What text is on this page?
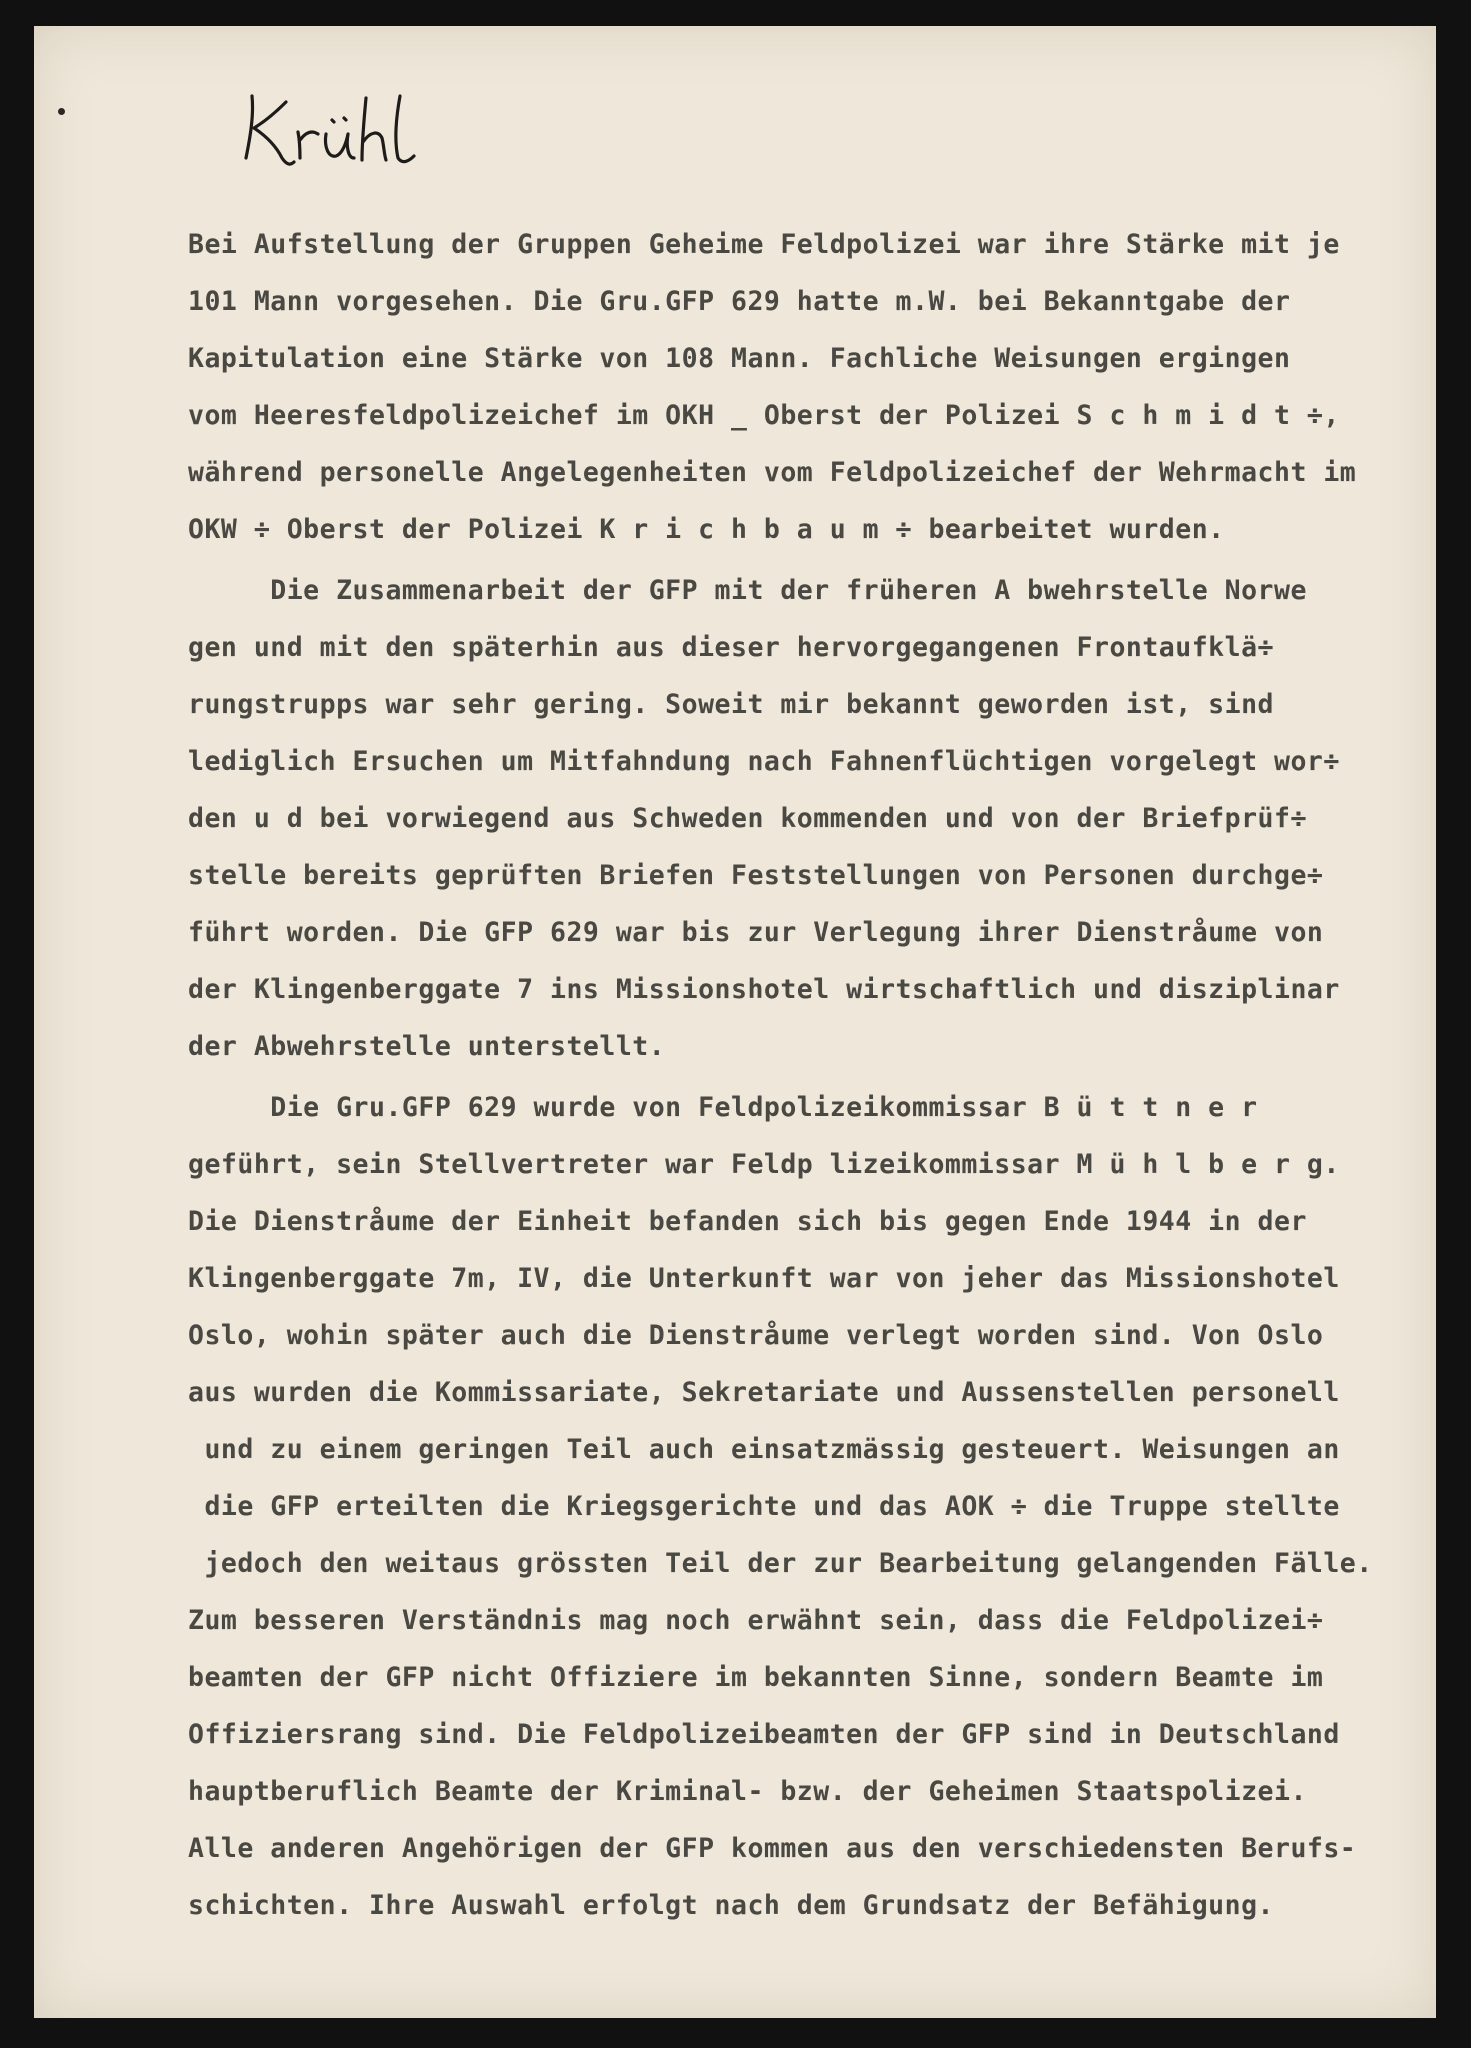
Bei Aufstellung der Gruppen Geheime Feldpolizei war ihre Stärke mit je
101 Mann vorgesehen. Die Gru.GFP 629 hatte m.W. bei Bekanntgabe der
Kapitulation eine Stärke von 108 Mann. Fachliche Weisungen ergingen
vom Heeresfeldpolizeichef im OKH _ Oberst der Polizei S c h m i d t ÷,
während personelle Angelegenheiten vom Feldpolizeichef der Wehrmacht im
OKW ÷ Oberst der Polizei K r i c h b a u m ÷ bearbeitet wurden.
Die Zusammenarbeit der GFP mit der früheren A bwehrstelle Norwe
gen und mit den späterhin aus dieser hervorgegangenen Frontaufklä÷
rungstrupps war sehr gering. Soweit mir bekannt geworden ist, sind
lediglich Ersuchen um Mitfahndung nach Fahnenflüchtigen vorgelegt wor÷
den u d bei vorwiegend aus Schweden kommenden und von der Briefprüf÷
stelle bereits geprüften Briefen Feststellungen von Personen durchge÷
führt worden. Die GFP 629 war bis zur Verlegung ihrer Dienstråume von
der Klingenberggate 7 ins Missionshotel wirtschaftlich und disziplinar
der Abwehrstelle unterstellt.
Die Gru.GFP 629 wurde von Feldpolizeikommissar B ü t t n e r
geführt, sein Stellvertreter war Feldp lizeikommissar M ü h l b e r g.
Die Dienstråume der Einheit befanden sich bis gegen Ende 1944 in der
Klingenberggate 7m, IV, die Unterkunft war von jeher das Missionshotel
Oslo, wohin später auch die Dienstråume verlegt worden sind. Von Oslo
aus wurden die Kommissariate, Sekretariate und Aussenstellen personell
und zu einem geringen Teil auch einsatzmässig gesteuert. Weisungen an
die GFP erteilten die Kriegsgerichte und das AOK ÷ die Truppe stellte
jedoch den weitaus grössten Teil der zur Bearbeitung gelangenden Fälle.
Zum besseren Verständnis mag noch erwähnt sein, dass die Feldpolizei÷
beamten der GFP nicht Offiziere im bekannten Sinne, sondern Beamte im
Offiziersrang sind. Die Feldpolizeibeamten der GFP sind in Deutschland
hauptberuflich Beamte der Kriminal- bzw. der Geheimen Staatspolizei.
Alle anderen Angehörigen der GFP kommen aus den verschiedensten Berufs-
schichten. Ihre Auswahl erfolgt nach dem Grundsatz der Befähigung.
